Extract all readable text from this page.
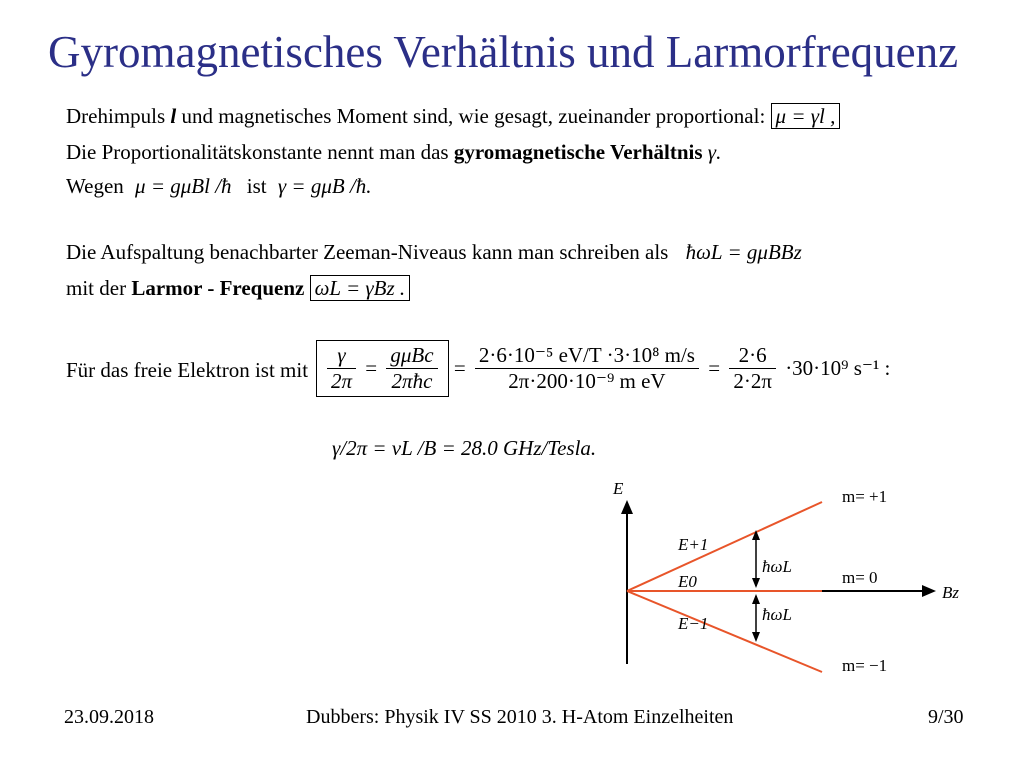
Gyromagnetisches Verhältnis und Larmorfrequenz
Drehimpuls l und magnetisches Moment sind, wie gesagt, zueinander proportional: μ = γl ,
Die Proportionalitätskonstante nennt man das gyromagnetische Verhältnis γ.
Wegen μ = gμBl /ħ ist γ = gμB /ħ.
Die Aufspaltung benachbarter Zeeman-Niveaus kann man schreiben als ħωL = gμBBz
mit der Larmor - Frequenz ωL = γBz .
Für das freie Elektron ist mit $\frac{\gamma}{2\pi} = \frac{\text{gμBc}}{\text{2πħc}} = \frac{\text{2·6·10⁻⁵ eV/T ·3·10⁸ m/s}}{\text{2π·200·10⁻⁹ m eV}} = \frac{2\cdot 6}{2\cdot 2\pi} \cdot 30\cdot 10^9$ s⁻¹ :
γ/2π = νL /B = 28.0 GHz/Tesla.
E
Bz
m= +1
m= 0
m= −1
E+1
E0
E−1
ħωL
ħωL
23.09.2018	Dubbers: Physik IV SS 2010 3. H-Atom Einzelheiten	9/30
